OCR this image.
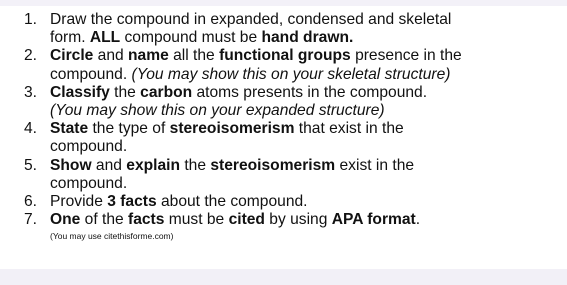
1. Draw the compound in expanded, condensed and skeletal
form. ALL compound must be hand drawn.
2. Circle and name all the functional groups presence in the
compound. (You may show this on your skeletal structure)
3. Classify the carbon atoms presents in the compound.
(You may show this on your expanded structure)
4. State the type of stereoisomerism that exist in the
compound.
5. Show and explain the stereoisomerism exist in the
compound.
6. Provide 3 facts about the compound.
7. One of the facts must be cited by using APA format.
(You may use citethisforme.com)
